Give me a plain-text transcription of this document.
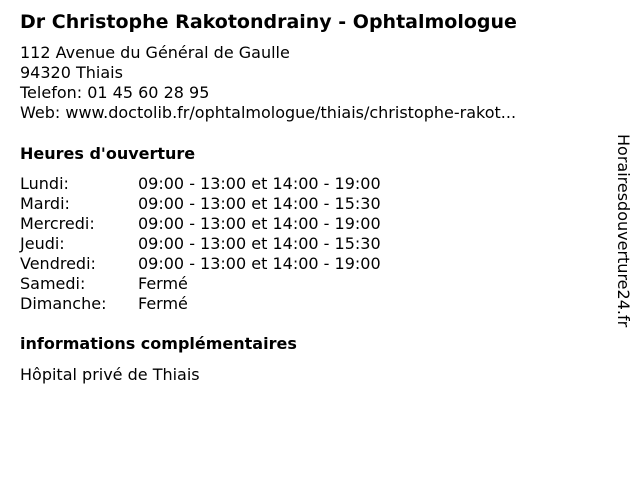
Dr Christophe Rakotondrainy - Ophtalmologue
112 Avenue du Général de Gaulle
94320 Thiais
Telefon: 01 45 60 28 95
Web: www.doctolib.fr/ophtalmologue/thiais/christophe-rakot...
Heures d'ouverture
Lundi:	09:00 - 13:00 et 14:00 - 19:00
Mardi:	09:00 - 13:00 et 14:00 - 15:30
Mercredi:	09:00 - 13:00 et 14:00 - 19:00
Jeudi:	09:00 - 13:00 et 14:00 - 15:30
Vendredi:	09:00 - 13:00 et 14:00 - 19:00
Samedi:	Fermé
Dimanche:	Fermé
informations complémentaires
Hôpital privé de Thiais
Horairesdouverture24.fr
